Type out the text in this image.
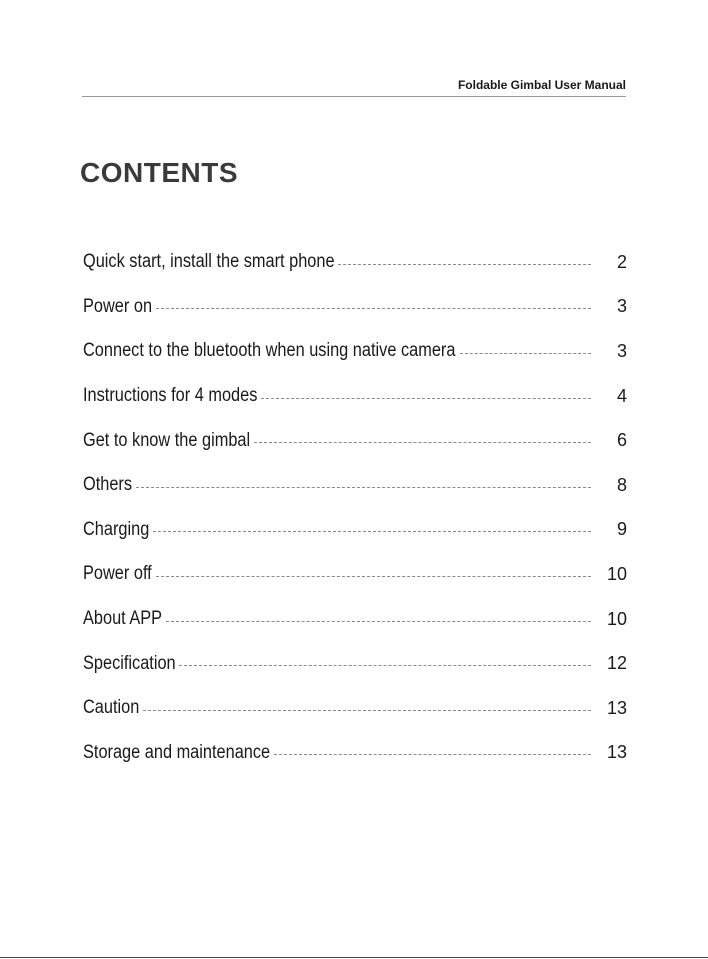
Foldable Gimbal User Manual
CONTENTS
Quick start, install the smart phone	2
Power on	3
Connect to the bluetooth when using native camera	3
Instructions for 4 modes	4
Get to know the gimbal	6
Others	8
Charging	9
Power off	10
About APP	10
Specification	12
Caution	13
Storage and maintenance	13
